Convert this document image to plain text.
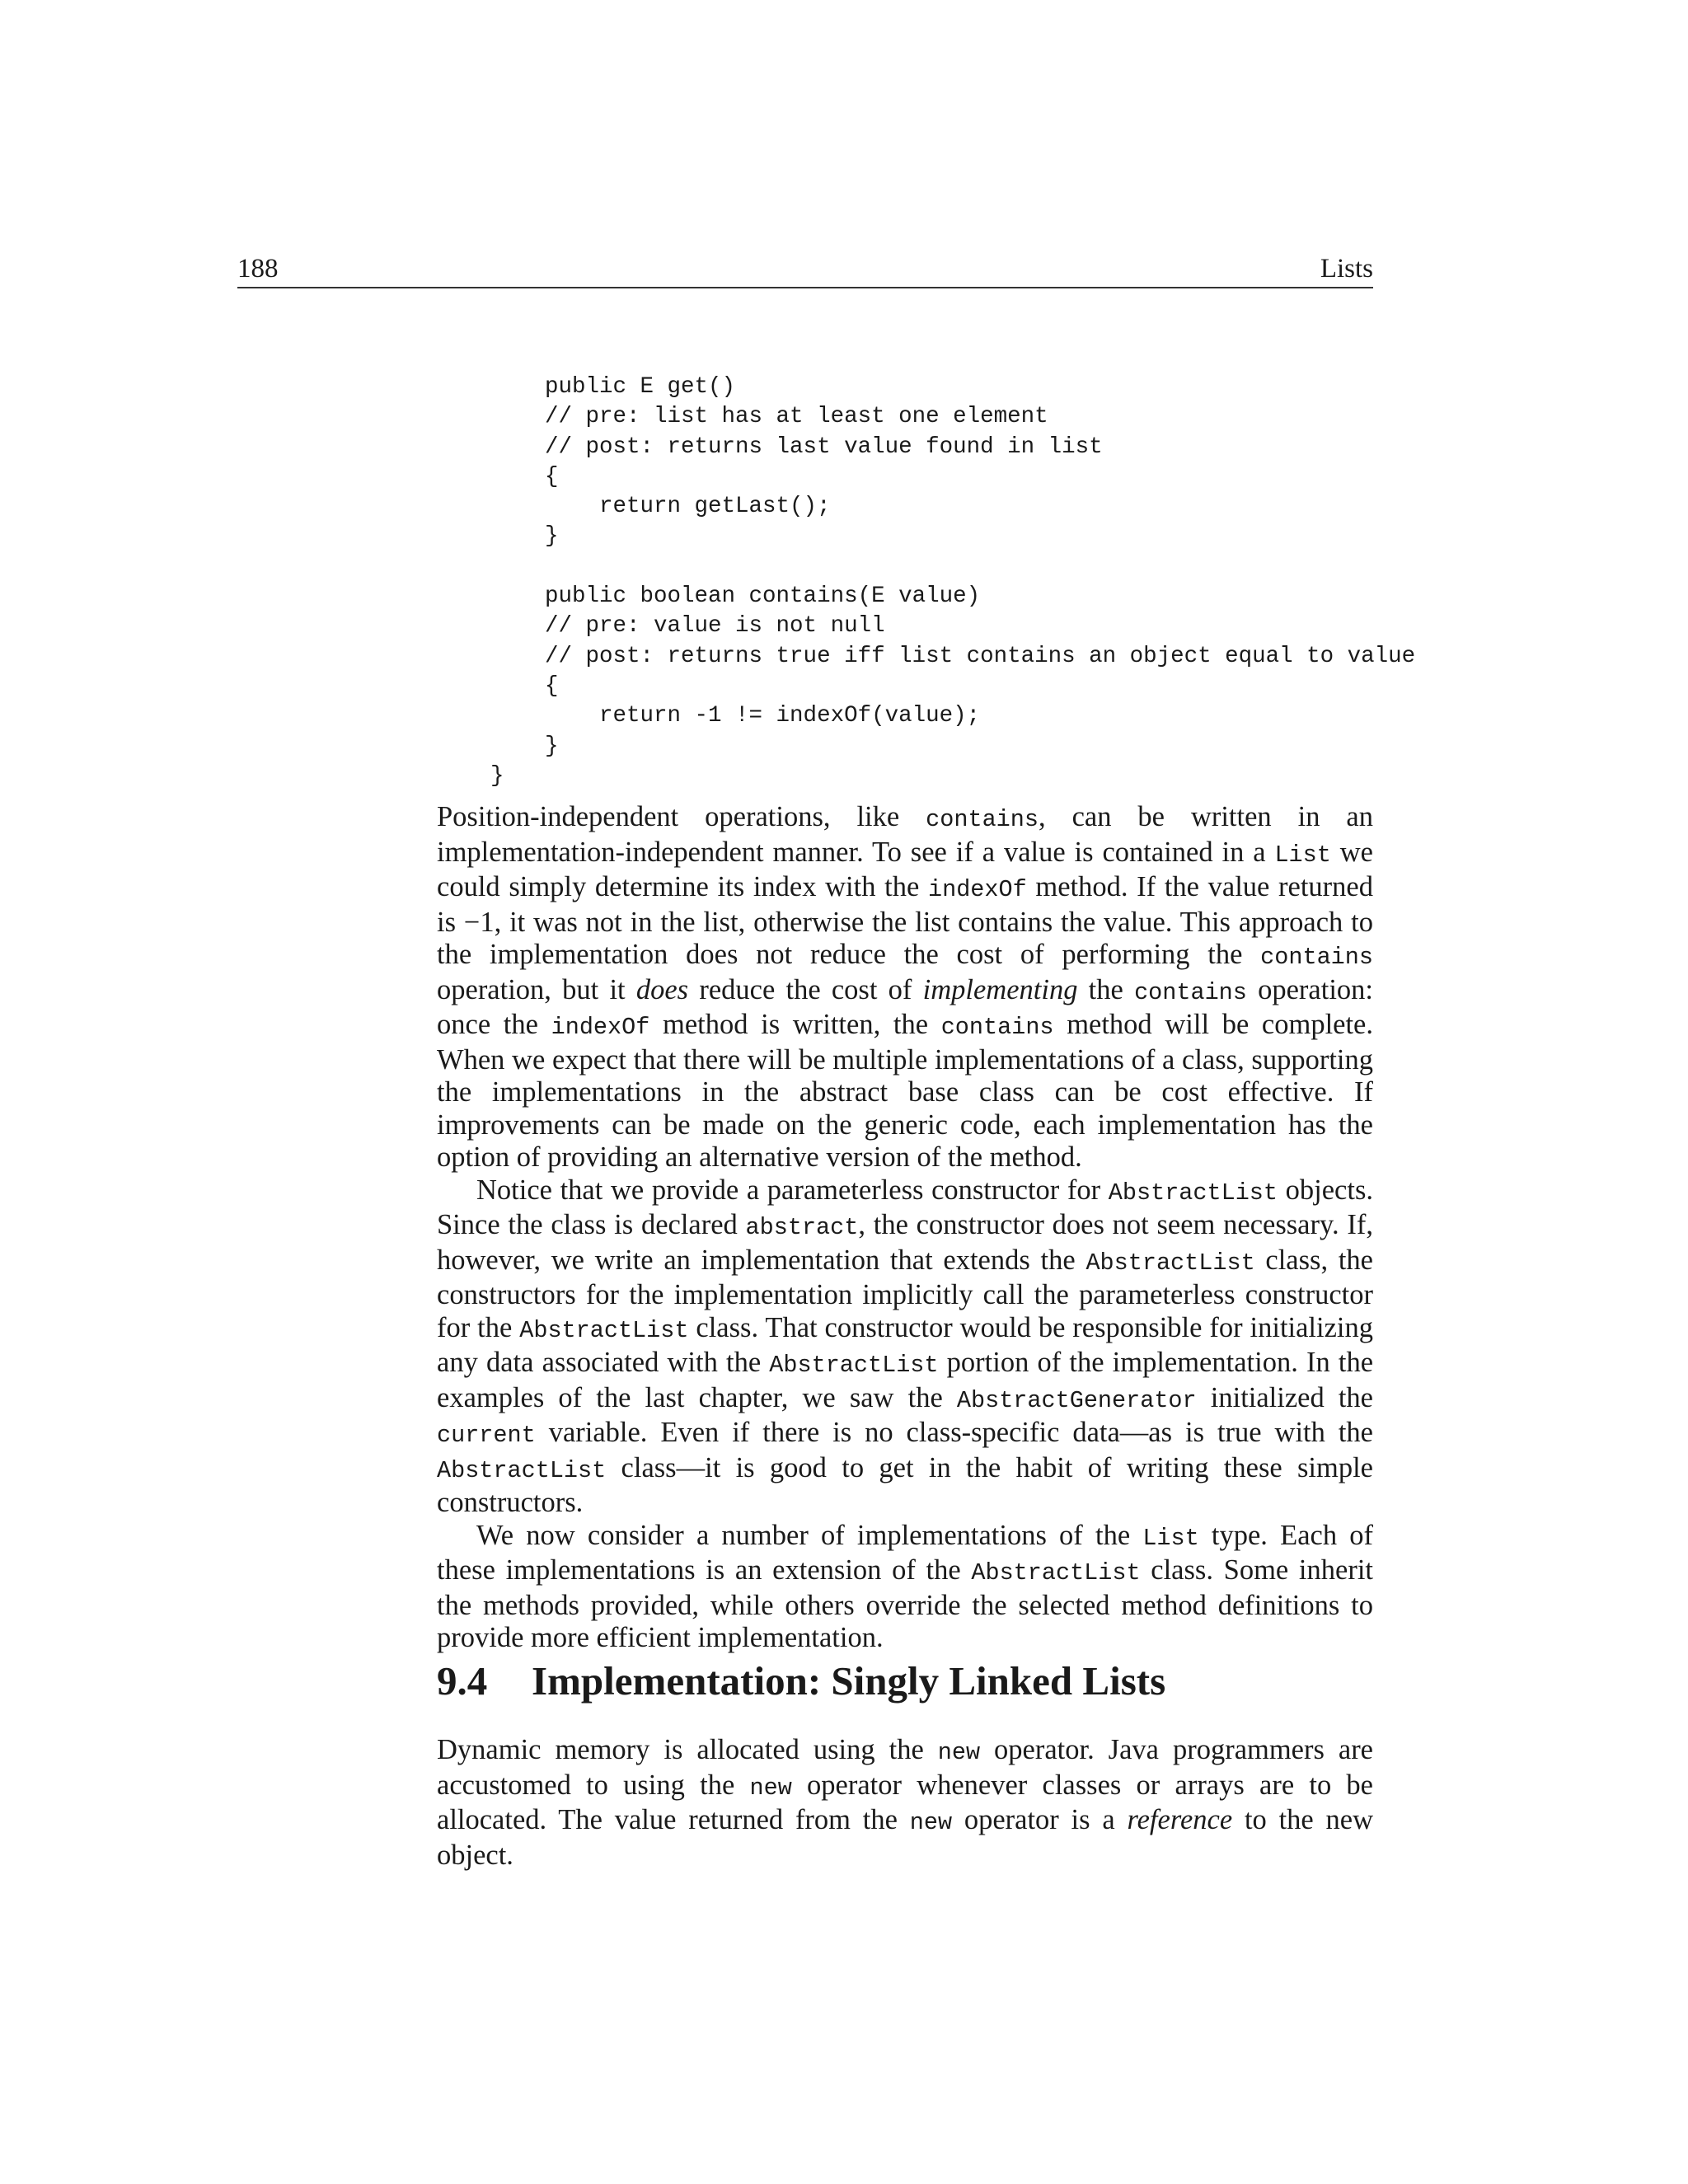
188	Lists
public E get()
// pre: list has at least one element
// post: returns last value found in list
{
return getLast();
}
public boolean contains(E value)
// pre: value is not null
// post: returns true iff list contains an object equal to value
{
return -1 != indexOf(value);
}
}

Position-independent operations, like contains, can be written in an implementation-independent manner. To see if a value is contained in a List we could simply determine its index with the indexOf method. If the value returned is −1, it was not in the list, otherwise the list contains the value. This approach to the implementation does not reduce the cost of performing the contains operation, but it does reduce the cost of implementing the contains operation: once the indexOf method is written, the contains method will be complete. When we expect that there will be multiple implementations of a class, supporting the implementations in the abstract base class can be cost effective. If improvements can be made on the generic code, each implementation has the option of providing an alternative version of the method.

Notice that we provide a parameterless constructor for AbstractList objects. Since the class is declared abstract, the constructor does not seem necessary. If, however, we write an implementation that extends the AbstractList class, the constructors for the implementation implicitly call the parameterless constructor for the AbstractList class. That constructor would be responsible for initializing any data associated with the AbstractList portion of the implementation. In the examples of the last chapter, we saw the AbstractGenerator initialized the current variable. Even if there is no class-specific data—as is true with the AbstractList class—it is good to get in the habit of writing these simple constructors.

We now consider a number of implementations of the List type. Each of these implementations is an extension of the AbstractList class. Some inherit the methods provided, while others override the selected method definitions to provide more efficient implementation.

9.4 Implementation: Singly Linked Lists

Dynamic memory is allocated using the new operator. Java programmers are accustomed to using the new operator whenever classes or arrays are to be allocated. The value returned from the new operator is a reference to the new object.
